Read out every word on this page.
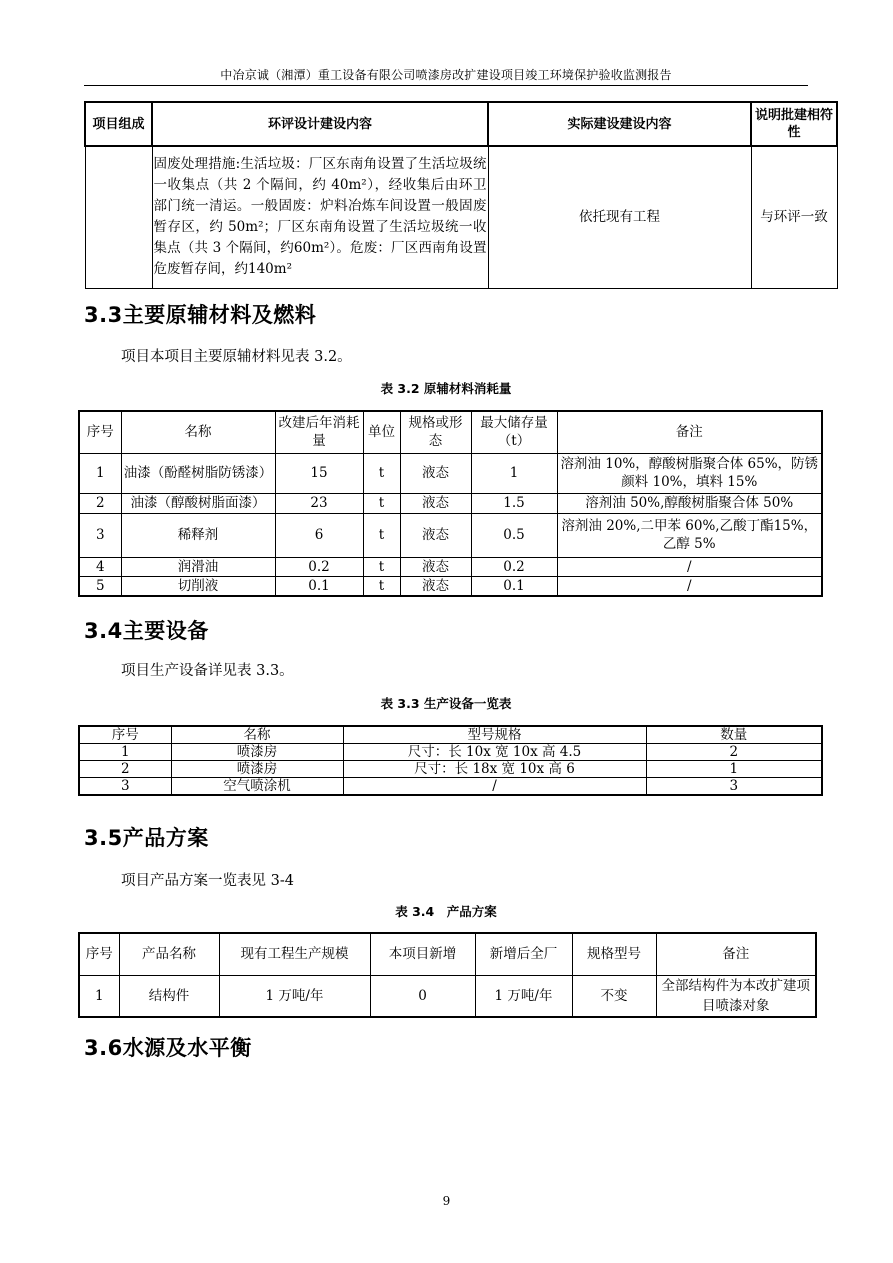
中冶京诚（湘潭）重工设备有限公司喷漆房改扩建设项目竣工环境保护验收监测报告
项目组成	环评设计建设内容	实际建设建设内容	说明批建相符性
	固废处理措施:生活垃圾：厂区东南角设置了生活垃圾统一收集点（共 2 个隔间，约 40m²），经收集后由环卫部门统一清运。一般固废：炉料冶炼车间设置一般固废暂存区，约 50m²；厂区东南角设置了生活垃圾统一收集点（共 3 个隔间，约60m²）。危废：厂区西南角设置危废暂存间，约140m²	依托现有工程	与环评一致
3.3主要原辅材料及燃料

项目本项目主要原辅材料见表 3.2。

表 3.2 原辅材料消耗量

序号	名称	改建后年消耗量	单位	规格或形态	最大储存量（t）	备注
1	油漆（酚醛树脂防锈漆）	15	t	液态	1	溶剂油 10%，醇酸树脂聚合体 65%，防锈颜料 10%，填料 15%
2	油漆（醇酸树脂面漆）	23	t	液态	1.5	溶剂油 50%,醇酸树脂聚合体 50%
3	稀释剂	6	t	液态	0.5	溶剂油 20%,二甲苯 60%,乙酸丁酯15%，乙醇 5%
4	润滑油	0.2	t	液态	0.2	/
5	切削液	0.1	t	液态	0.1	/
3.4主要设备

项目生产设备详见表 3.3。

表 3.3 生产设备一览表

序号	名称	型号规格	数量
1	喷漆房	尺寸：长 10x 宽 10x 高 4.5	2
2	喷漆房	尺寸：长 18x 宽 10x 高 6	1
3	空气喷涂机	/	3
3.5产品方案

项目产品方案一览表见 3-4

表 3.4　产品方案

序号	产品名称	现有工程生产规模	本项目新增	新增后全厂	规格型号	备注
1	结构件	1 万吨/年	0	1 万吨/年	不变	全部结构件为本改扩建项目喷漆对象
3.6水源及水平衡
9
